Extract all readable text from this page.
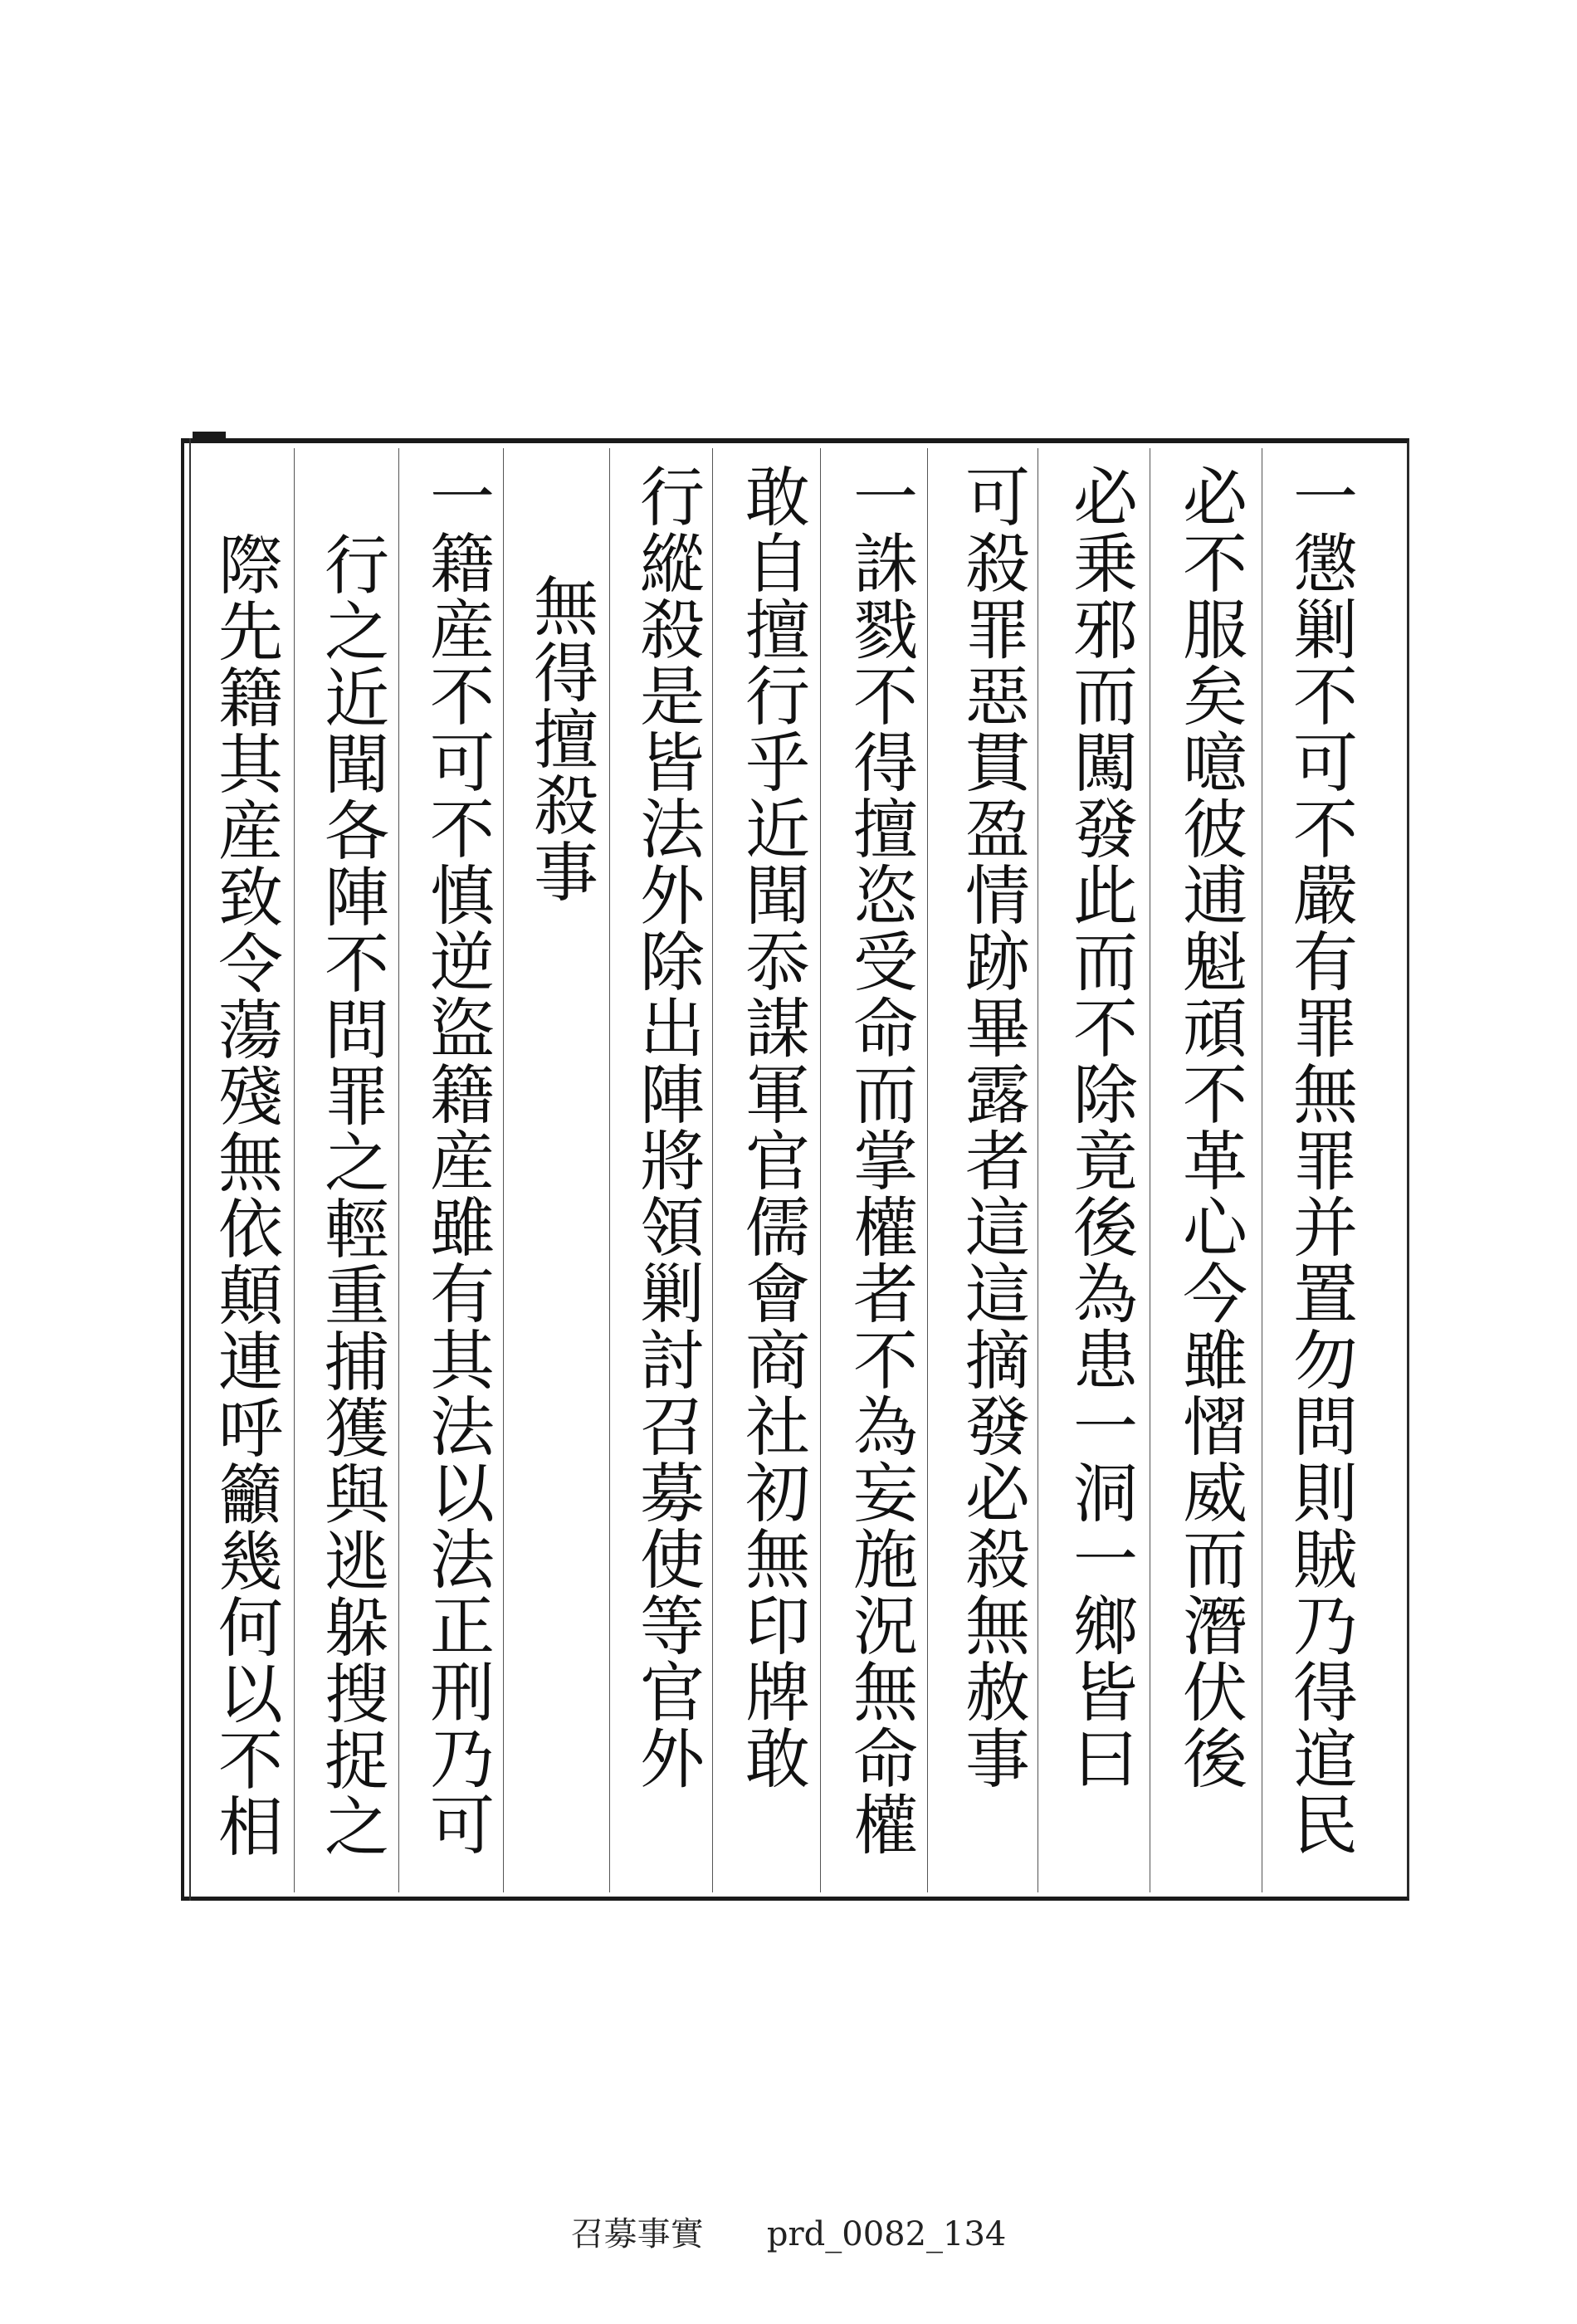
一懲剿不可不嚴有罪無罪并置勿問則賊乃得逭民
必不服矣噫彼逋魁頑不革心今雖慴威而潛伏後
必乗邪而闖發此而不除竟後為患一洞一鄉皆曰
可殺罪惡貫盈情跡畢露者這這摘發必殺無赦事
一誅戮不得擅恣受命而掌權者不為妄施況無命權
敢自擅行乎近聞忝謀軍官儒會商社初無印牌敢
行縱殺是皆法外除出陣將領剿討召募使等官外
無得擅殺事
一籍産不可不慎逆盜籍産雖有其法以法正刑乃可
行之近聞各陣不問罪之輕重捕獲與逃躲搜捉之
際先籍其産致令蕩殘無依顛連呼籲幾何以不相
召募事實 prd_0082_134
